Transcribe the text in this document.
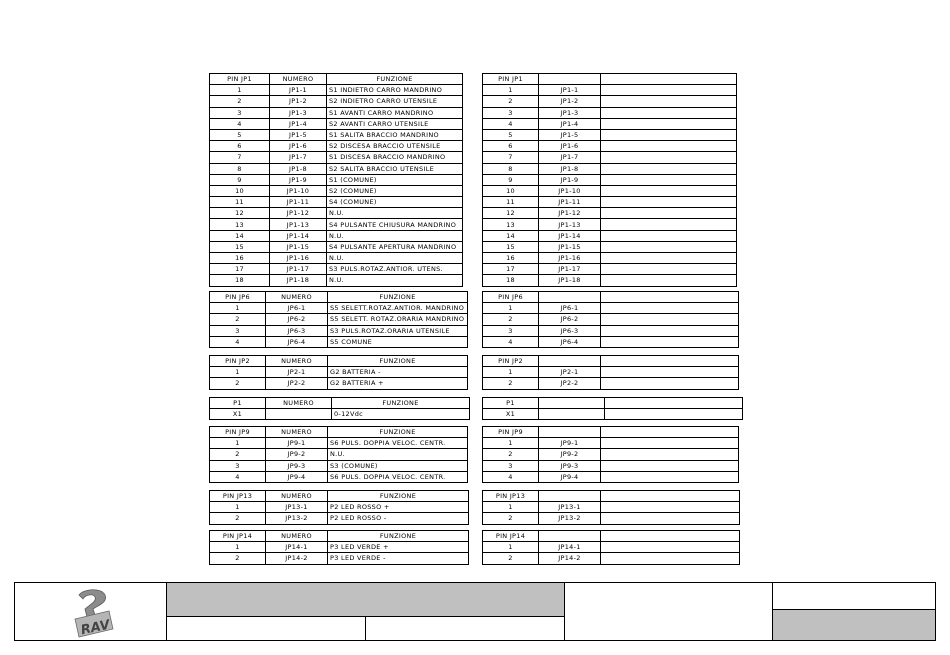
PIN JP1	NUMERO	FUNZIONE
1	JP1-1	S1 INDIETRO CARRO MANDRINO
2	JP1-2	S2 INDIETRO CARRO UTENSILE
3	JP1-3	S1 AVANTI CARRO MANDRINO
4	JP1-4	S2 AVANTI CARRO UTENSILE
5	JP1-5	S1 SALITA BRACCIO MANDRINO
6	JP1-6	S2 DISCESA BRACCIO UTENSILE
7	JP1-7	S1 DISCESA BRACCIO MANDRINO
8	JP1-8	S2 SALITA BRACCIO UTENSILE
9	JP1-9	S1 (COMUNE)
10	JP1-10	S2 (COMUNE)
11	JP1-11	S4 (COMUNE)
12	JP1-12	N.U.
13	JP1-13	S4 PULSANTE CHIUSURA MANDRINO
14	JP1-14	N.U.
15	JP1-15	S4 PULSANTE APERTURA MANDRINO
16	JP1-16	N.U.
17	JP1-17	S3 PULS.ROTAZ.ANTIOR. UTENS.
18	JP1-18	N.U.
PIN JP6	NUMERO	FUNZIONE
1	JP6-1	S5 SELETT.ROTAZ.ANTIOR. MANDRINO
2	JP6-2	S5 SELETT. ROTAZ.ORARIA MANDRINO
3	JP6-3	S3 PULS.ROTAZ.ORARIA UTENSILE
4	JP6-4	S5 COMUNE
PIN JP2	NUMERO	FUNZIONE
1	JP2-1	G2 BATTERIA -
2	JP2-2	G2 BATTERIA +
P1	NUMERO	FUNZIONE
X1		0-12Vdc
PIN JP9	NUMERO	FUNZIONE
1	JP9-1	S6 PULS. DOPPIA VELOC. CENTR.
2	JP9-2	N.U.
3	JP9-3	S3 (COMUNE)
4	JP9-4	S6 PULS. DOPPIA VELOC. CENTR.
PIN JP13	NUMERO	FUNZIONE
1	JP13-1	P2 LED ROSSO +
2	JP13-2	P2 LED ROSSO -
PIN JP14	NUMERO	FUNZIONE
1	JP14-1	P3 LED VERDE +
2	JP14-2	P3 LED VERDE -
PIN JP1		
1	JP1-1	
2	JP1-2	
3	JP1-3	
4	JP1-4	
5	JP1-5	
6	JP1-6	
7	JP1-7	
8	JP1-8	
9	JP1-9	
10	JP1-10	
11	JP1-11	
12	JP1-12	
13	JP1-13	
14	JP1-14	
15	JP1-15	
16	JP1-16	
17	JP1-17	
18	JP1-18	
PIN JP6		
1	JP6-1	
2	JP6-2	
3	JP6-3	
4	JP6-4	
PIN JP2		
1	JP2-1	
2	JP2-2	
P1		
X1		
PIN JP9		
1	JP9-1	
2	JP9-2	
3	JP9-3	
4	JP9-4	
PIN JP13		
1	JP13-1	
2	JP13-2	
PIN JP14		
1	JP14-1	
2	JP14-2	
RAV
